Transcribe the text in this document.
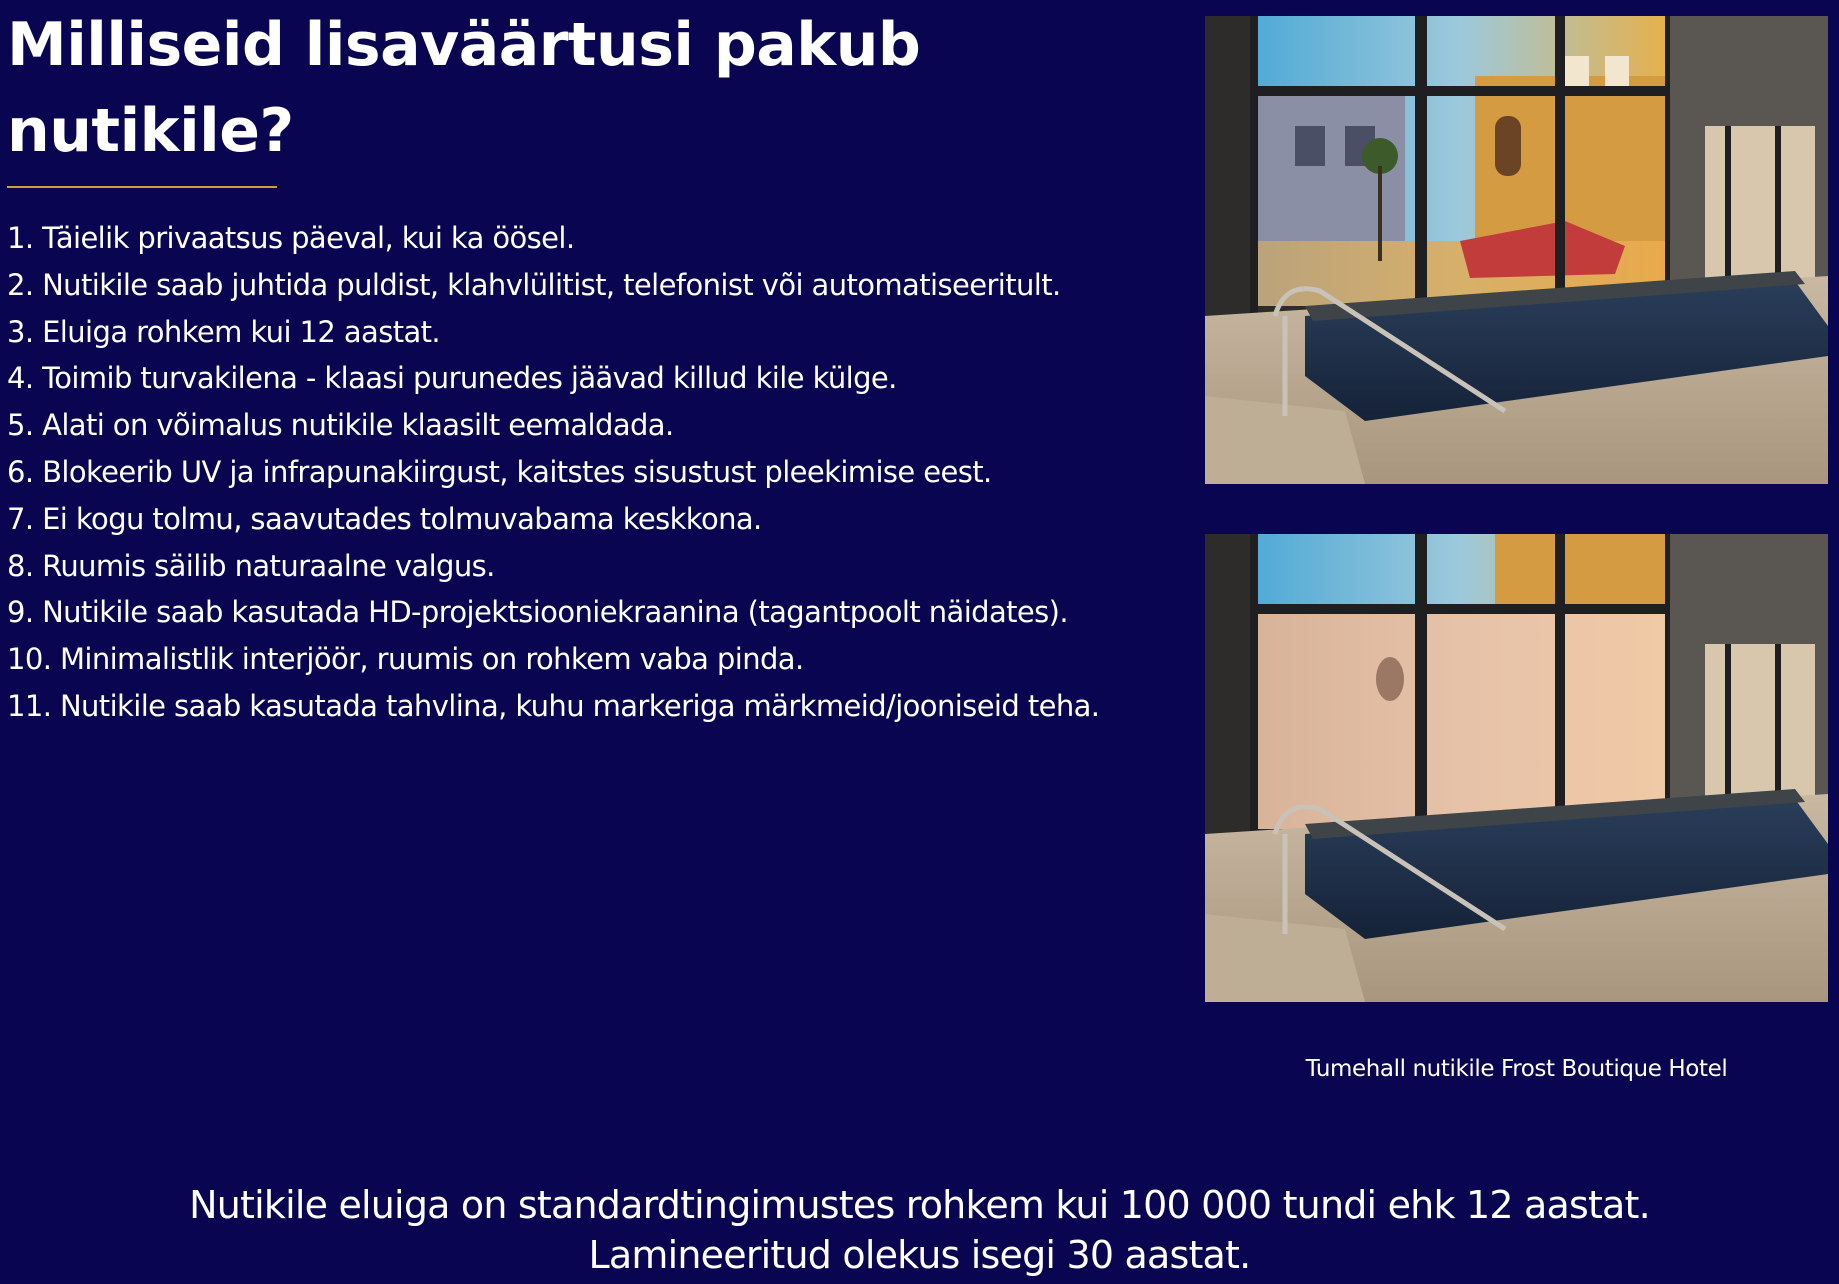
Milliseid lisaväärtusi pakub
nutikile?
1. Täielik privaatsus päeval, kui ka öösel.
2. Nutikile saab juhtida puldist, klahvlülitist, telefonist või automatiseeritult.
3. Eluiga rohkem kui 12 aastat.
4. Toimib turvakilena - klaasi purunedes jäävad killud kile külge.
5. Alati on võimalus nutikile klaasilt eemaldada.
6. Blokeerib UV ja infrapunakiirgust, kaitstes sisustust pleekimise eest.
7. Ei kogu tolmu, saavutades tolmuvabama keskkona.
8. Ruumis säilib naturaalne valgus.
9. Nutikile saab kasutada HD-projektsiooniekraanina (tagantpoolt näidates).
10. Minimalistlik interjöör, ruumis on rohkem vaba pinda.
11. Nutikile saab kasutada tahvlina, kuhu markeriga märkmeid/jooniseid teha.
Tumehall nutikile Frost Boutique Hotel
Nutikile eluiga on standardtingimustes rohkem kui 100 000 tundi ehk 12 aastat.
Lamineeritud olekus isegi 30 aastat.
